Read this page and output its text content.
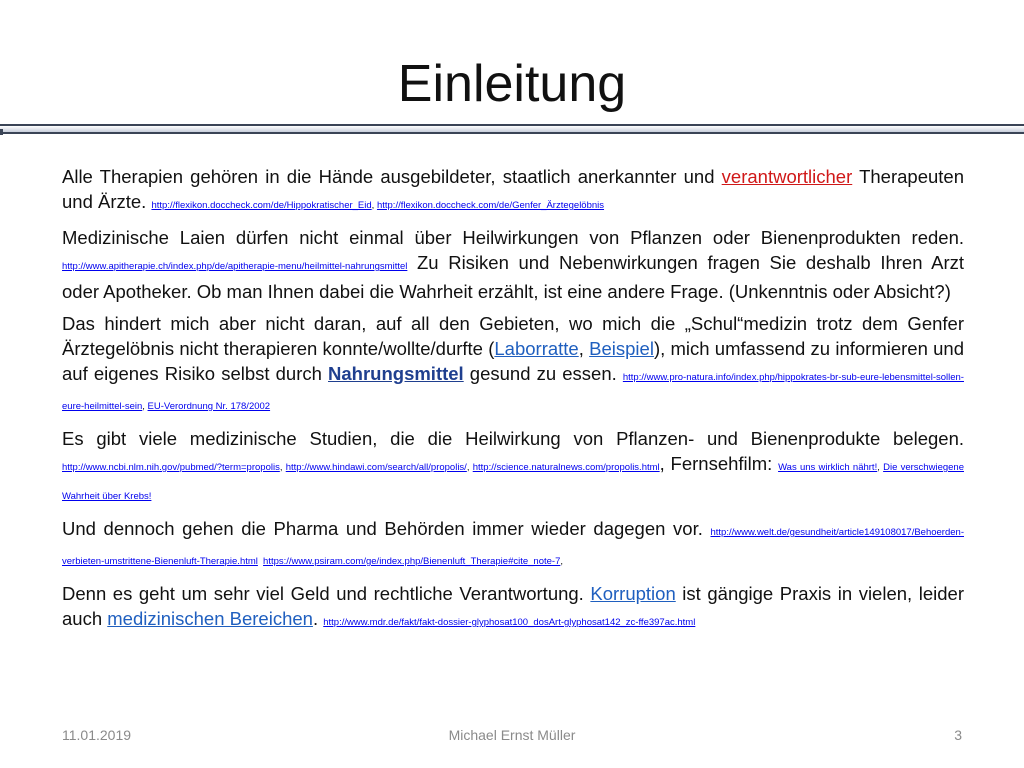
Einleitung

Alle Therapien gehören in die Hände ausgebildeter, staatlich anerkannter und verantwortlicher Therapeuten und Ärzte. http://flexikon.doccheck.com/de/Hippokratischer_Eid, http://flexikon.doccheck.com/de/Genfer_Ärztegelöbnis

Medizinische Laien dürfen nicht einmal über Heilwirkungen von Pflanzen oder Bienenprodukten reden. http://www.apitherapie.ch/index.php/de/apitherapie-menu/heilmittel-nahrungsmittel Zu Risiken und Nebenwirkungen fragen Sie deshalb Ihren Arzt oder Apotheker. Ob man Ihnen dabei die Wahrheit erzählt, ist eine andere Frage. (Unkenntnis oder Absicht?)

Das hindert mich aber nicht daran, auf all den Gebieten, wo mich die „Schul“medizin trotz dem Genfer Ärztegelöbnis nicht therapieren konnte/wollte/durfte (Laborratte, Beispiel), mich umfassend zu informieren und auf eigenes Risiko selbst durch Nahrungsmittel gesund zu essen. http://www.pro-natura.info/index.php/hippokrates-br-sub-eure-lebensmittel-sollen-eure-heilmittel-sein, EU-Verordnung Nr. 178/2002

Es gibt viele medizinische Studien, die die Heilwirkung von Pflanzen- und Bienenprodukte belegen. http://www.ncbi.nlm.nih.gov/pubmed/?term=propolis, http://www.hindawi.com/search/all/propolis/, http://science.naturalnews.com/propolis.html, Fernsehfilm: Was uns wirklich nährt!, Die verschwiegene Wahrheit über Krebs!

Und dennoch gehen die Pharma und Behörden immer wieder dagegen vor. http://www.welt.de/gesundheit/article149108017/Behoerden-verbieten-umstrittene-Bienenluft-Therapie.html https://www.psiram.com/ge/index.php/Bienenluft_Therapie#cite_note-7,

Denn es geht um sehr viel Geld und rechtliche Verantwortung. Korruption ist gängige Praxis in vielen, leider auch medizinischen Bereichen. http://www.mdr.de/fakt/fakt-dossier-glyphosat100_dosArt-glyphosat142_zc-ffe397ac.html

11.01.2019	Michael Ernst Müller	3
